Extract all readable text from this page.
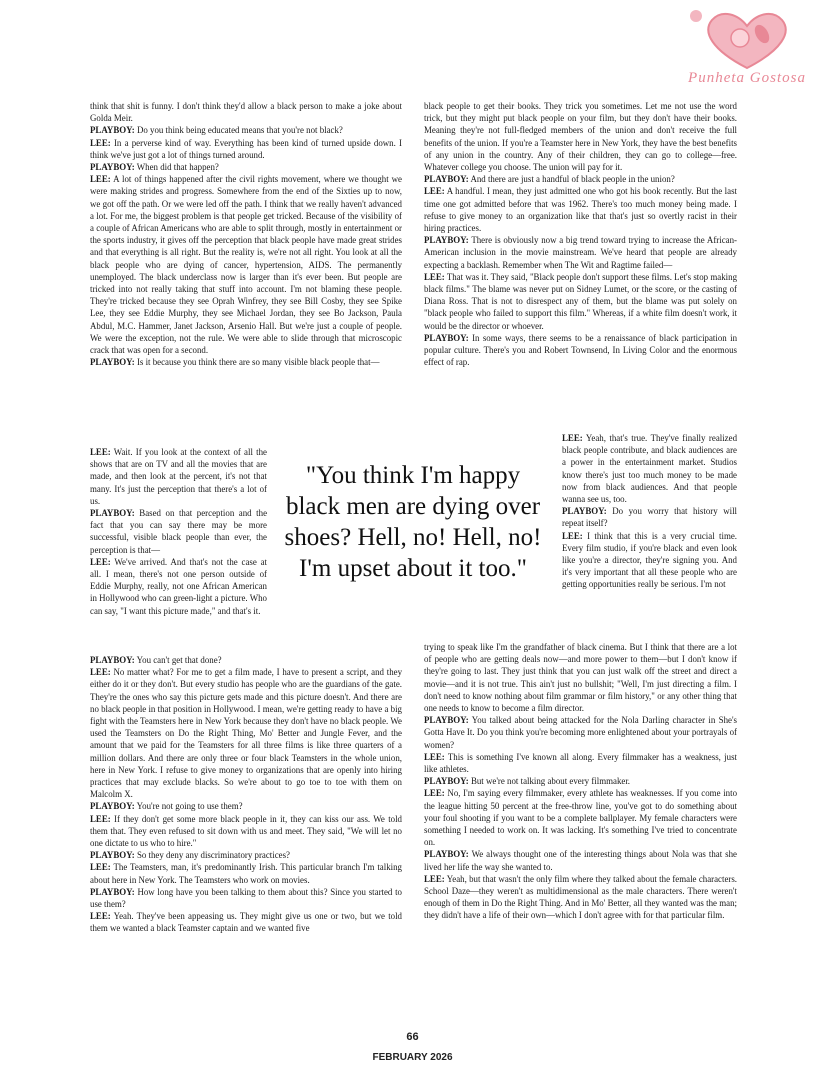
Punheta Gostosa

think that shit is funny. I don't think they'd allow a black person to make a joke about Golda Meir.

PLAYBOY: Do you think being educated means that you're not black?

LEE: In a perverse kind of way. Everything has been kind of turned upside down. I think we've just got a lot of things turned around.

PLAYBOY: When did that happen?

LEE: A lot of things happened after the civil rights movement, where we thought we were making strides and progress. Somewhere from the end of the Sixties up to now, we got off the path. Or we were led off the path. I think that we really haven't advanced a lot. For me, the biggest problem is that people get tricked. Because of the visibility of a couple of African Americans who are able to split through, mostly in entertainment or the sports industry, it gives off the perception that black people have made great strides and that everything is all right. But the reality is, we're not all right. You look at all the black people who are dying of cancer, hypertension, AIDS. The permanently unemployed. The black underclass now is larger than it's ever been. But people are tricked into not really taking that stuff into account. I'm not blaming these people. They're tricked because they see Oprah Winfrey, they see Bill Cosby, they see Spike Lee, they see Eddie Murphy, they see Michael Jordan, they see Bo Jackson, Paula Abdul, M.C. Hammer, Janet Jackson, Arsenio Hall. But we're just a couple of people. We were the exception, not the rule. We were able to slide through that microscopic crack that was open for a second.

PLAYBOY: Is it because you think there are so many visible black people that—

LEE: Wait. If you look at the context of all the shows that are on TV and all the movies that are made, and then look at the percent, it's not that many. It's just the perception that there's a lot of us.

PLAYBOY: Based on that perception and the fact that you can say there may be more successful, visible black people than ever, the perception is that—

LEE: We've arrived. And that's not the case at all. I mean, there's not one person outside of Eddie Murphy, really, not one African American in Hollywood who can green-light a picture. Who can say, "I want this picture made," and that's it.

PLAYBOY: You can't get that done?

LEE: No matter what? For me to get a film made, I have to present a script, and they either do it or they don't. But every studio has people who are the guardians of the gate. They're the ones who say this picture gets made and this picture doesn't. And there are no black people in that position in Hollywood. I mean, we're getting ready to have a big fight with the Teamsters here in New York because they don't have no black people. We used the Teamsters on Do the Right Thing, Mo' Better and Jungle Fever, and the amount that we paid for the Teamsters for all three films is like three quarters of a million dollars. And there are only three or four black Teamsters in the whole union, here in New York. I refuse to give money to organizations that are openly into hiring practices that may exclude blacks. So we're about to go toe to toe with them on Malcolm X.

PLAYBOY: You're not going to use them?

LEE: If they don't get some more black people in it, they can kiss our ass. We told them that. They even refused to sit down with us and meet. They said, "We will let no one dictate to us who to hire."

PLAYBOY: So they deny any discriminatory practices?

LEE: The Teamsters, man, it's predominantly Irish. This particular branch I'm talking about here in New York. The Teamsters who work on movies.

PLAYBOY: How long have you been talking to them about this? Since you started to use them?

LEE: Yeah. They've been appeasing us. They might give us one or two, but we told them we wanted a black Teamster captain and we wanted five

black people to get their books. They trick you sometimes. Let me not use the word trick, but they might put black people on your film, but they don't have their books. Meaning they're not full-fledged members of the union and don't receive the full benefits of the union. If you're a Teamster here in New York, they have the best benefits of any union in the country. Any of their children, they can go to college—free. Whatever college you choose. The union will pay for it.

PLAYBOY: And there are just a handful of black people in the union?

LEE: A handful. I mean, they just admitted one who got his book recently. But the last time one got admitted before that was 1962. There's too much money being made. I refuse to give money to an organization like that that's just so overtly racist in their hiring practices.

PLAYBOY: There is obviously now a big trend toward trying to increase the African-American inclusion in the movie mainstream. We've heard that people are already expecting a backlash. Remember when The Wit and Ragtime failed—

LEE: That was it. They said, "Black people don't support these films. Let's stop making black films." The blame was never put on Sidney Lumet, or the score, or the casting of Diana Ross. That is not to disrespect any of them, but the blame was put solely on "black people who failed to support this film." Whereas, if a white film doesn't work, it would be the director or whoever.

PLAYBOY: In some ways, there seems to be a renaissance of black participation in popular culture. There's you and Robert Townsend, In Living Color and the enormous effect of rap.

LEE: Yeah, that's true. They've finally realized black people contribute, and black audiences are a power in the entertainment market. Studios know there's just too much money to be made now from black audiences. And that people wanna see us, too.

PLAYBOY: Do you worry that history will repeat itself?

LEE: I think that this is a very crucial time. Every film studio, if you're black and even look like you're a director, they're signing you. And it's very important that all these people who are getting opportunities really be serious. I'm not

trying to speak like I'm the grandfather of black cinema. But I think that there are a lot of people who are getting deals now—and more power to them—but I don't know if they're going to last. They just think that you can just walk off the street and direct a movie—and it is not true. This ain't just no bullshit; "Well, I'm just directing a film. I don't need to know nothing about film grammar or film history," or any other thing that one needs to know to become a film director.

PLAYBOY: You talked about being attacked for the Nola Darling character in She's Gotta Have It. Do you think you're becoming more enlightened about your portrayals of women?

LEE: This is something I've known all along. Every filmmaker has a weakness, just like athletes.

PLAYBOY: But we're not talking about every filmmaker.

LEE: No, I'm saying every filmmaker, every athlete has weaknesses. If you come into the league hitting 50 percent at the free-throw line, you've got to do something about your foul shooting if you want to be a complete ballplayer. My female characters were something I needed to work on. It was lacking. It's something I've tried to concentrate on.

PLAYBOY: We always thought one of the interesting things about Nola was that she lived her life the way she wanted to.

LEE: Yeah, but that wasn't the only film where they talked about the female characters. School Daze—they weren't as multidimensional as the male characters. There weren't enough of them in Do the Right Thing. And in Mo' Better, all they wanted was the man; they didn't have a life of their own—which I don't agree with for that particular film.

"You think I'm happy black men are dying over shoes? Hell, no! Hell, no! I'm upset about it too."
66
FEBRUARY 2026
